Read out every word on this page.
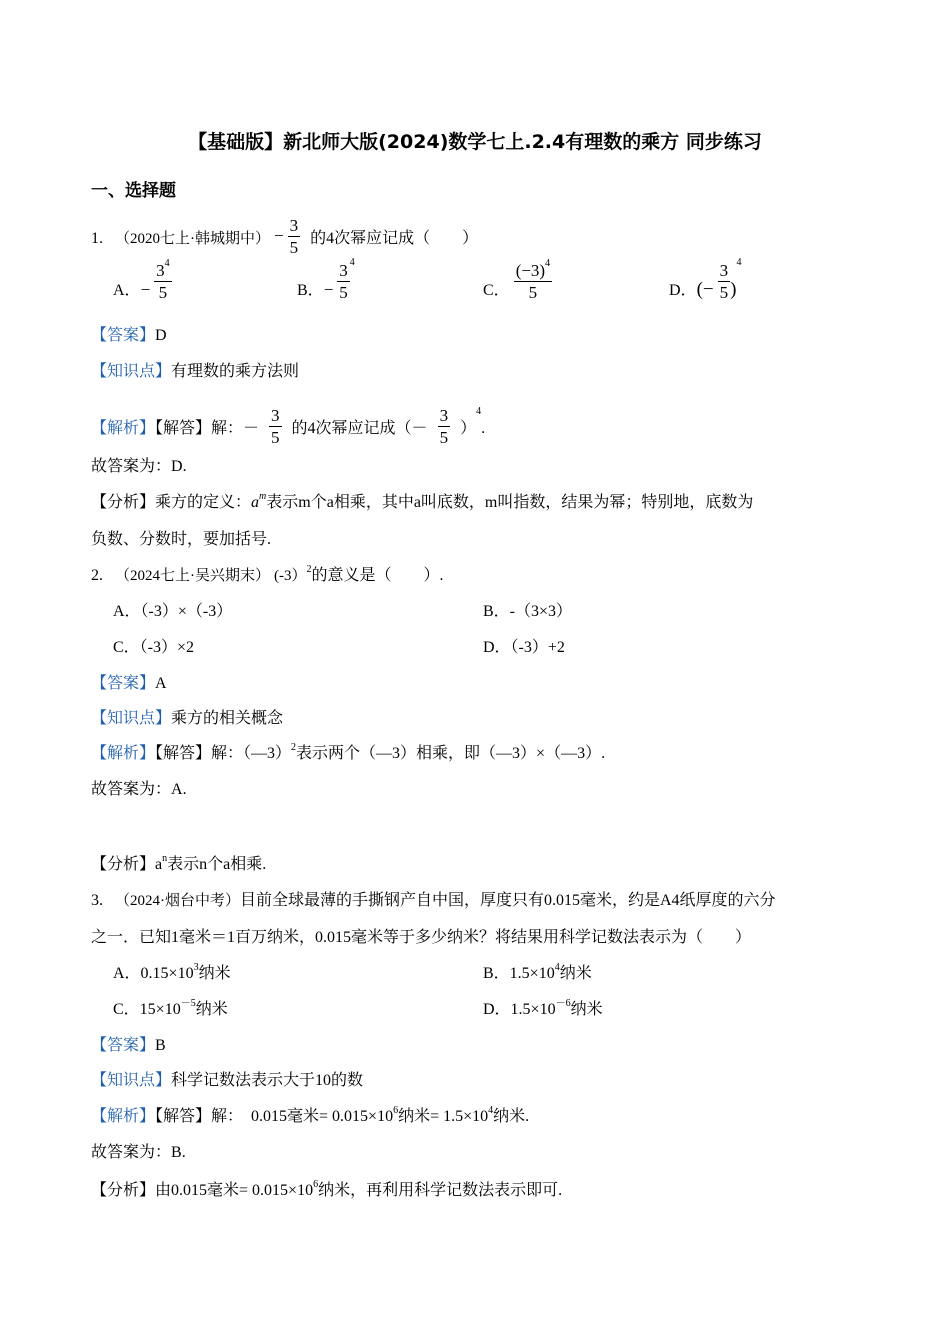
【基础版】新北师大版(2024)数学七上.2.4有理数的乘方 同步练习
一、选择题
1. （2020七上·韩城期中） − $\frac{3}{5}$ 的4次幂应记成（　　）
A．− $\frac{3^4}{5}$	B．− $\frac{3}{5} ^4$
C． $\frac{(-3)^4}{5}$	D．(− $\frac{3}{5} )^4$
【答案】D
【知识点】有理数的乘方法则
【解析】【解答】解：－ $\frac{3}{5}$ 的4次幂应记成（－ $\frac{3}{5} )^4$.
故答案为：D.
【分析】乘方的定义：$a^m$表示m个a相乘，其中a叫底数，m叫指数，结果为幂；特别地，底数为
负数、分数时，要加括号.
2. （2024七上·吴兴期末） (-3）$^2$的意义是（　　）.
A．（-3）×（-3）	B．-（3×3）
C．（-3）×2	D．（-3）+2
【答案】A
【知识点】乘方的相关概念
【解析】【解答】解：（—3）$^2$表示两个（—3）相乘，即（—3）×（—3）.
故答案为：A.
【分析】$a^n$表示n个a相乘.
3. （2024·烟台中考）目前全球最薄的手撕钢产自中国，厚度只有0.015毫米，约是A4纸厚度的六分
之一．已知1毫米＝1百万纳米，0.015毫米等于多少纳米？将结果用科学记数法表示为（　　）
A．$0.15\times 10^3$纳米	B．$1.5\times 10^4$纳米
C．$15\times 10^{-5}$纳米	D．$1.5\times 10^{-6}$纳米
【答案】B
【知识点】科学记数法表示大于10的数
【解析】【解答】解：　0.015毫米= $0.015\times 10^6$纳米= $1.5\times 10^4$纳米.
故答案为：B.
【分析】由0.015毫米= $0.015\times 10^6$纳米，再利用科学记数法表示即可.
